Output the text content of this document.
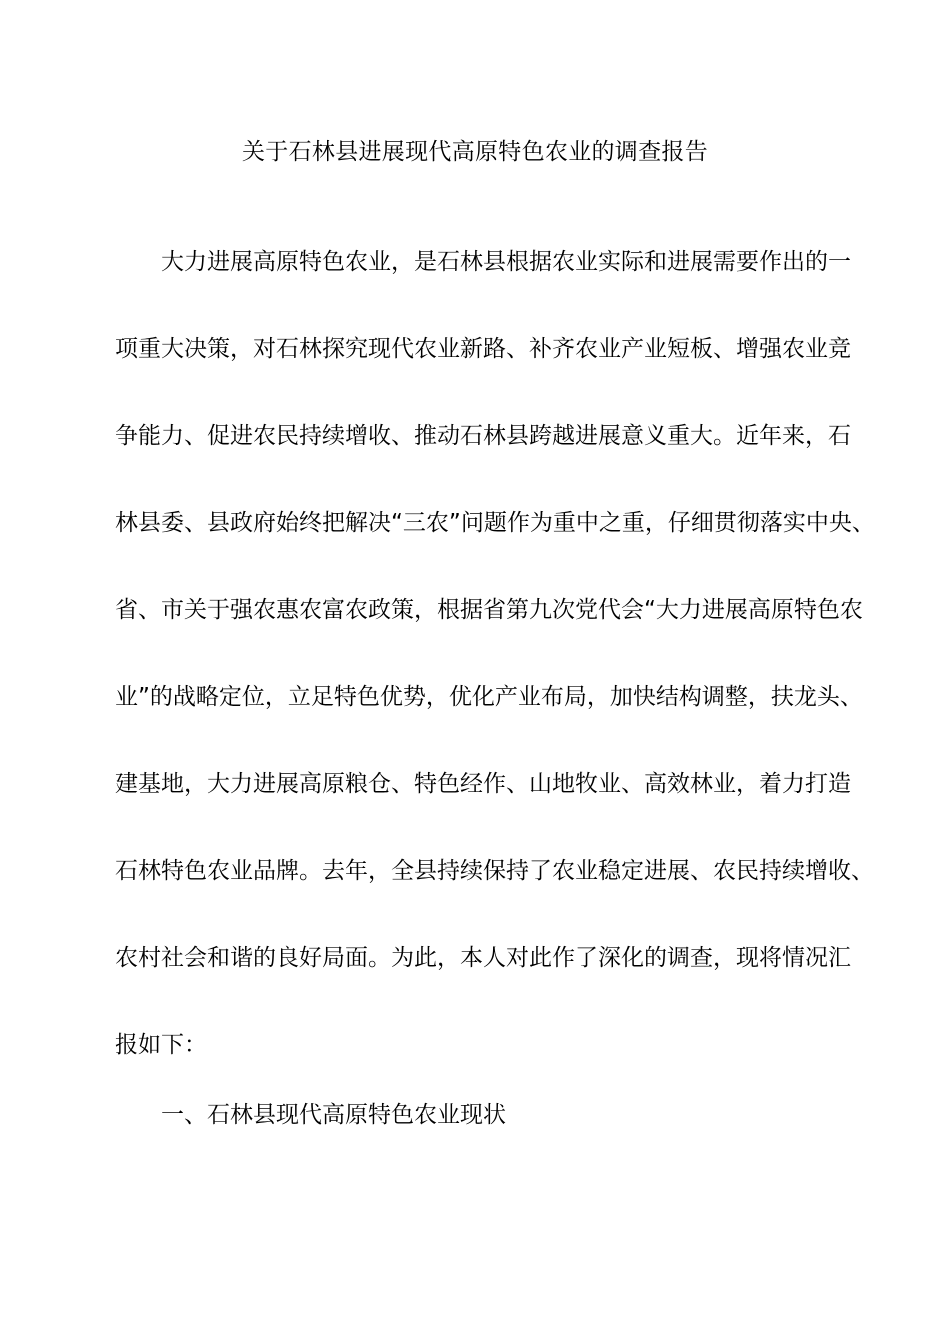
关于石林县进展现代高原特色农业的调查报告
大力进展高原特色农业，是石林县根据农业实际和进展需要作出的一
项重大决策，对石林探究现代农业新路、补齐农业产业短板、增强农业竞
争能力、促进农民持续增收、推动石林县跨越进展意义重大。近年来，石
林县委、县政府始终把解决“三农”问题作为重中之重，仔细贯彻落实中央、
省、市关于强农惠农富农政策，根据省第九次党代会“大力进展高原特色农
业”的战略定位，立足特色优势，优化产业布局，加快结构调整，扶龙头、
建基地，大力进展高原粮仓、特色经作、山地牧业、高效林业，着力打造
石林特色农业品牌。去年，全县持续保持了农业稳定进展、农民持续增收、
农村社会和谐的良好局面。为此，本人对此作了深化的调查，现将情况汇
报如下：
一、石林县现代高原特色农业现状
